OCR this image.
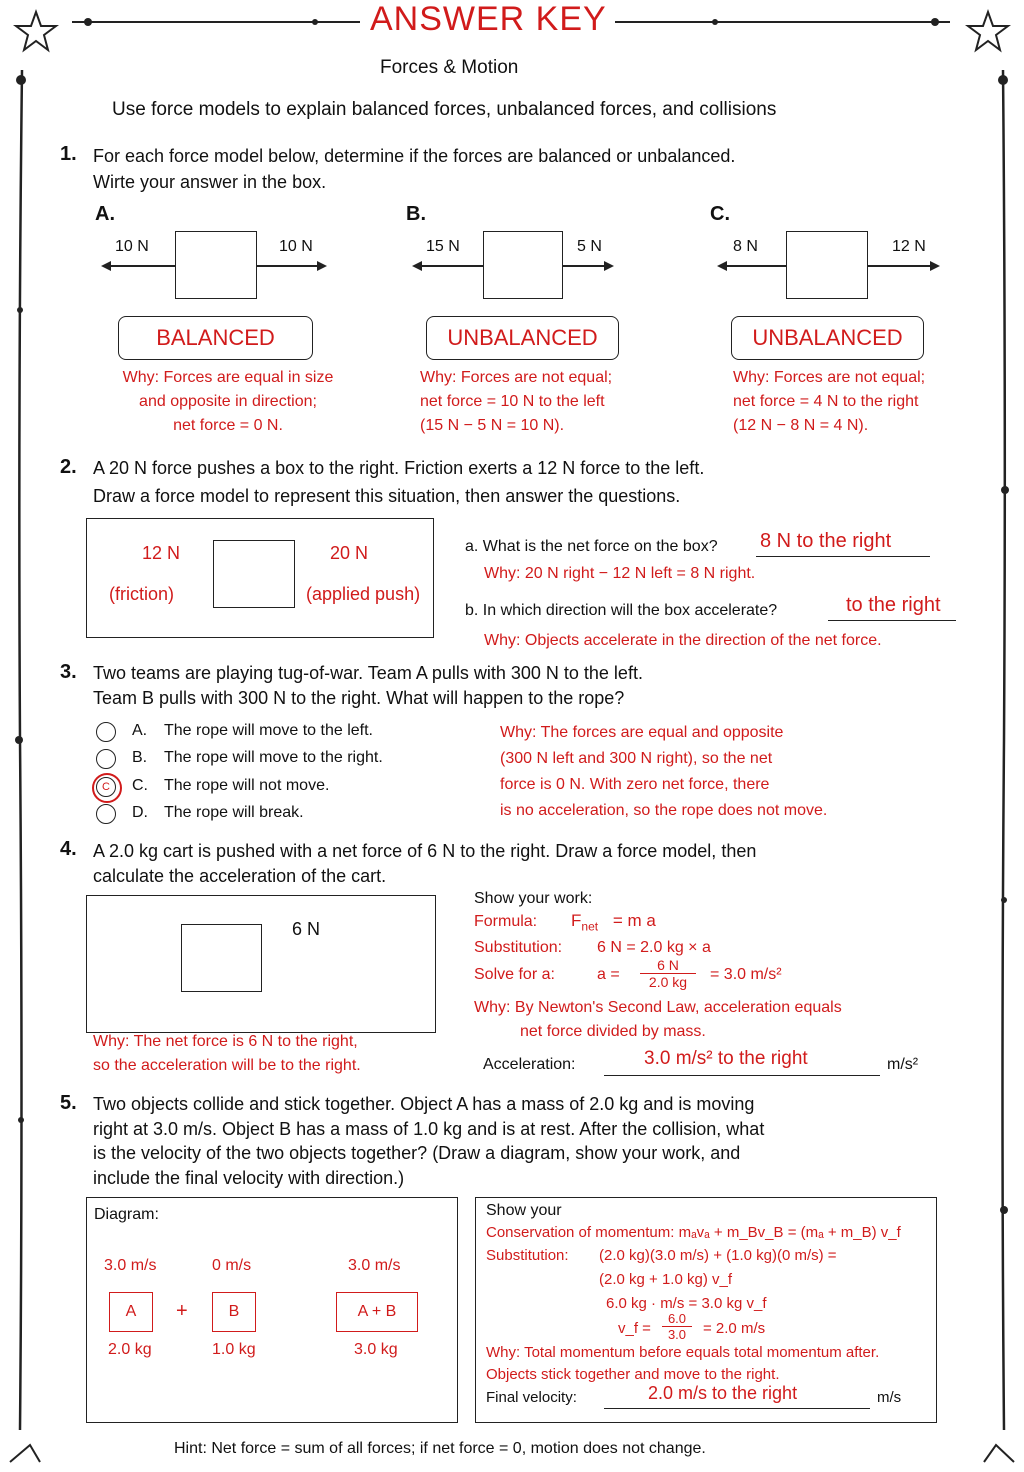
ANSWER KEY
Forces & Motion
Use force models to explain balanced forces, unbalanced forces, and collisions
1. For each force model below, determine if the forces are balanced or unbalanced.
Wirte your answer in the box.
A.
10 N	10 N
BALANCED
Why: Forces are equal in size
and opposite in direction;
net force = 0 N.
B.
15 N	5 N
UNBALANCED
Why: Forces are not equal;
net force = 10 N to the left
(15 N − 5 N = 10 N).
C.
8 N	12 N
UNBALANCED
Why: Forces are not equal;
net force = 4 N to the right
(12 N − 8 N = 4 N).
2. A 20 N force pushes a box to the right. Friction exerts a 12 N force to the left.
Draw a force model to represent this situation, then answer the questions.
12 N
(friction)
20 N
(applied push)
a. What is the net force on the box? 8 N to the right
Why: 20 N right − 12 N left = 8 N right.
b. In which direction will the box accelerate?	to the right
Why: Objects accelerate in the direction of the net force.
3. Two teams are playing tug-of-war. Team A pulls with 300 N to the left.
Team B pulls with 300 N to the right. What will happen to the rope?
A. The rope will move to the left.
B. The rope will move to the right.
C C. The rope will not move.
D. The rope will break.
Why: The forces are equal and opposite
(300 N left and 300 N right), so the net
force is 0 N. With zero net force, there
is no acceleration, so the rope does not move.
4. A 2.0 kg cart is pushed with a net force of 6 N to the right. Draw a force model, then
calculate the acceleration of the cart.
6 N
Why: The net force is 6 N to the right,
so the acceleration will be to the right.
Show your work:
Formula: $F_{net} = m$ a
Substitution: 6 N = 2.0 kg × a
Solve for a:	a =
6 N
2.0 kg	= 3.0 m/s²
Why: By Newton's Second Law, acceleration equals
net force divided by mass.
Acceleration:	3.0 m/s² to the right	m/s²
5. Two objects collide and stick together. Object A has a mass of 2.0 kg and is moving
right at 3.0 m/s. Object B has a mass of 1.0 kg and is at rest. After the collision, what
is the velocity of the two objects together? (Draw a diagram, show your work, and
include the final velocity with direction.)
Diagram:
3.0 m/s
A
2.0 kg
+
0 m/s
B
1.0 kg
3.0 m/s
A + B
3.0 kg
Show your
Conservation of momentum: mₐvₐ + m_Bv_B = (mₐ + m_B) v_f
Substitution: (2.0 kg)(3.0 m/s) + (1.0 kg)(0 m/s) =
(2.0 kg + 1.0 kg) v_f
6.0 kg · m/s = 3.0 kg v_f
v_f =
6.0
3.0	= 2.0 m/s
Why: Total momentum before equals total momentum after.
Objects stick together and move to the right.
Final velocity:	2.0 m/s to the right	m/s
Hint: Net force = sum of all forces; if net force = 0, motion does not change.
